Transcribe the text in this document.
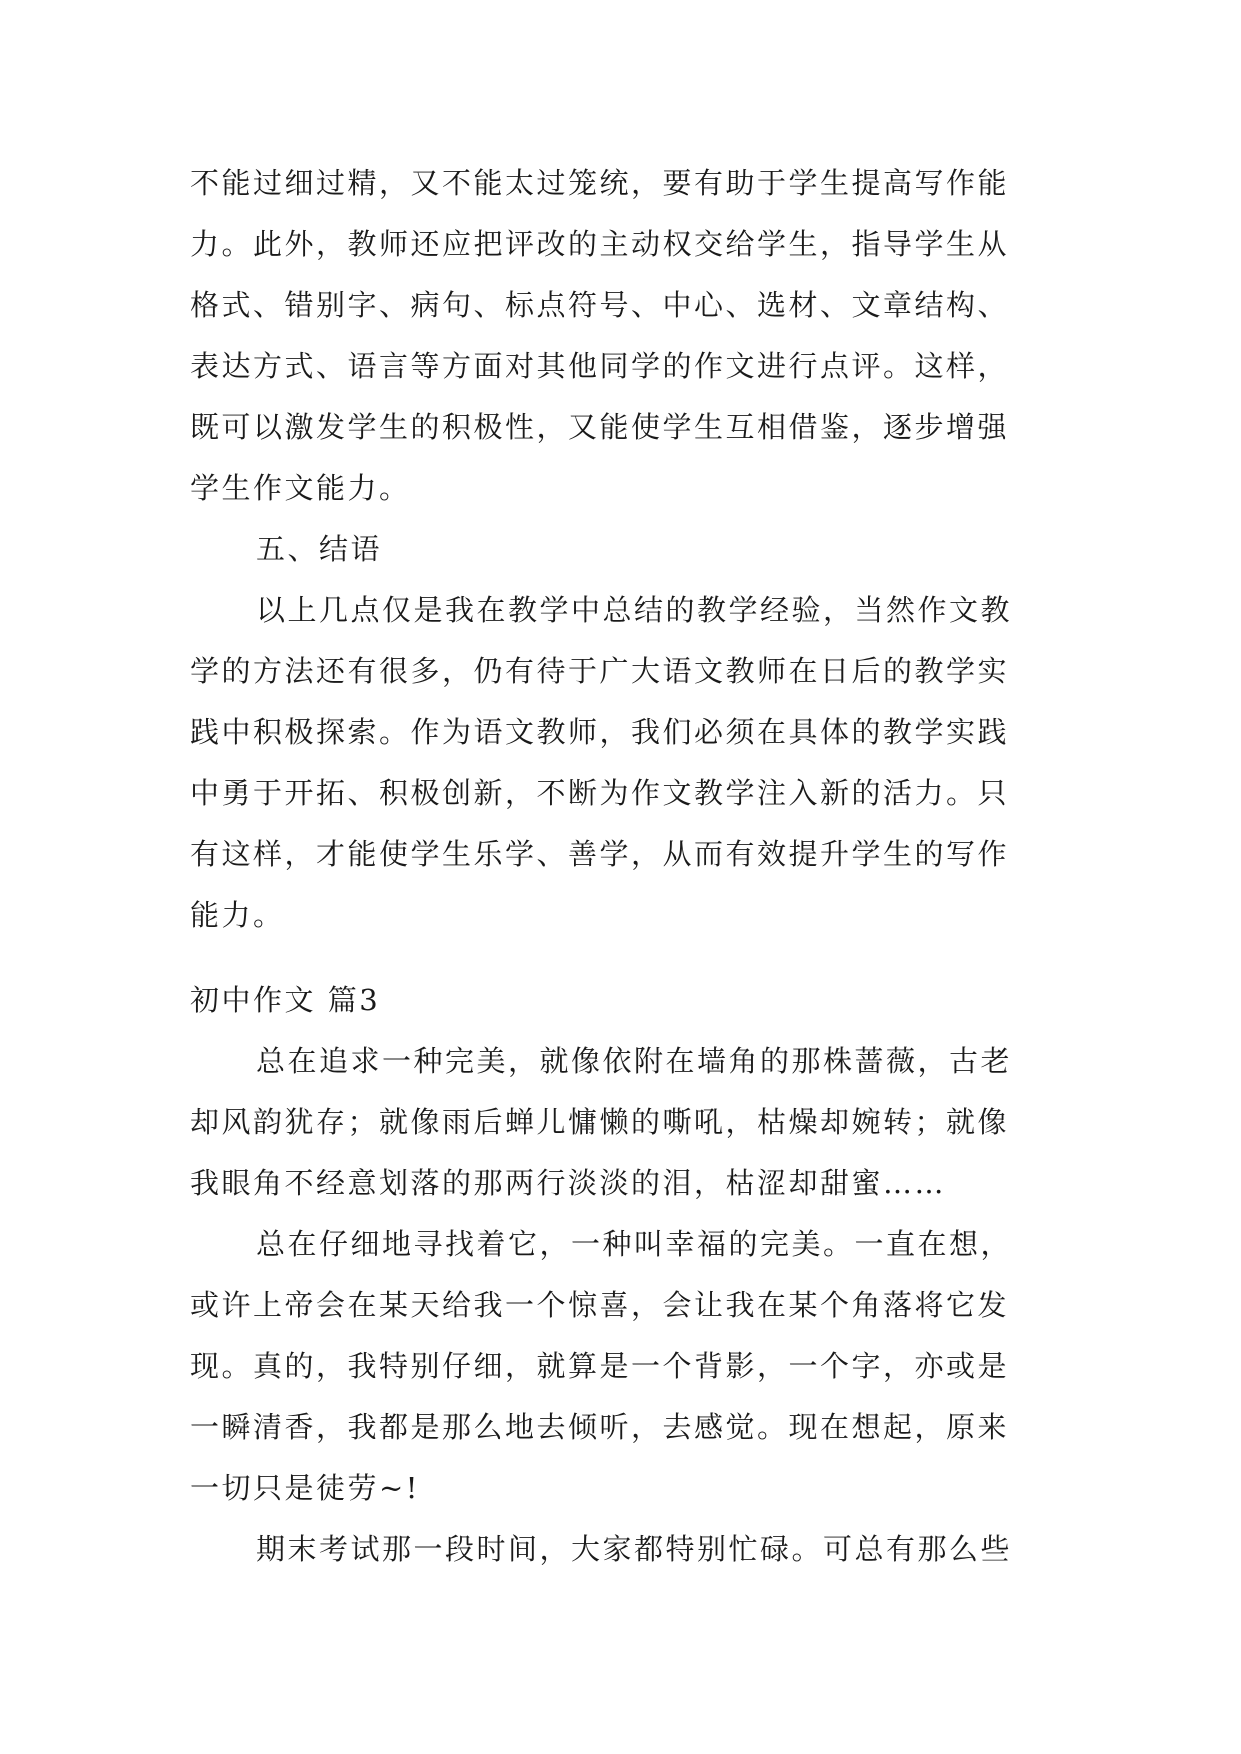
不能过细过精，又不能太过笼统，要有助于学生提高写作能
力。此外，教师还应把评改的主动权交给学生，指导学生从
格式、错别字、病句、标点符号、中心、选材、文章结构、
表达方式、语言等方面对其他同学的作文进行点评。这样，
既可以激发学生的积极性，又能使学生互相借鉴，逐步增强
学生作文能力。
五、结语
以上几点仅是我在教学中总结的教学经验，当然作文教
学的方法还有很多，仍有待于广大语文教师在日后的教学实
践中积极探索。作为语文教师，我们必须在具体的教学实践
中勇于开拓、积极创新，不断为作文教学注入新的活力。只
有这样，才能使学生乐学、善学，从而有效提升学生的写作
能力。
初中作文 篇3
总在追求一种完美，就像依附在墙角的那株蔷薇，古老
却风韵犹存；就像雨后蝉儿慵懒的嘶吼，枯燥却婉转；就像
我眼角不经意划落的那两行淡淡的泪，枯涩却甜蜜……
总在仔细地寻找着它，一种叫幸福的完美。一直在想，
或许上帝会在某天给我一个惊喜，会让我在某个角落将它发
现。真的，我特别仔细，就算是一个背影，一个字，亦或是
一瞬清香，我都是那么地去倾听，去感觉。现在想起，原来
一切只是徒劳~!
期末考试那一段时间，大家都特别忙碌。可总有那么些
